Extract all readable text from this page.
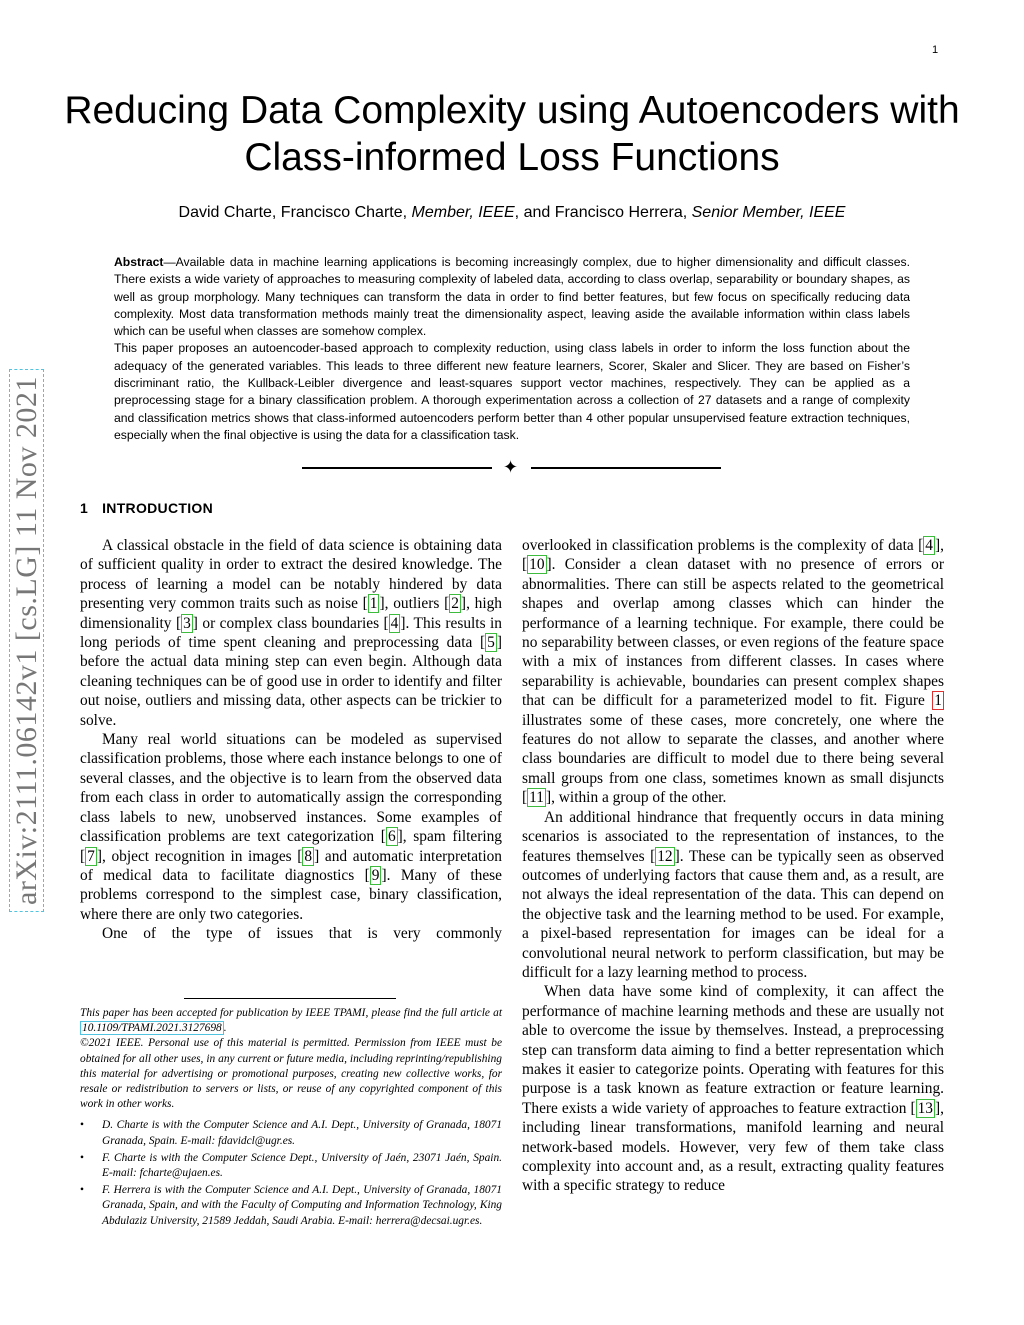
1
arXiv:2111.06142v1 [cs.LG] 11 Nov 2021
Reducing Data Complexity using Autoencoders with Class-informed Loss Functions
David Charte, Francisco Charte, Member, IEEE, and Francisco Herrera, Senior Member, IEEE

Abstract—Available data in machine learning applications is becoming increasingly complex, due to higher dimensionality and difficult classes. There exists a wide variety of approaches to measuring complexity of labeled data, according to class overlap, separability or boundary shapes, as well as group morphology. Many techniques can transform the data in order to find better features, but few focus on specifically reducing data complexity. Most data transformation methods mainly treat the dimensionality aspect, leaving aside the available information within class labels which can be useful when classes are somehow complex.

This paper proposes an autoencoder-based approach to complexity reduction, using class labels in order to inform the loss function about the adequacy of the generated variables. This leads to three different new feature learners, Scorer, Skaler and Slicer. They are based on Fisher’s discriminant ratio, the Kullback-Leibler divergence and least-squares support vector machines, respectively. They can be applied as a preprocessing stage for a binary classification problem. A thorough experimentation across a collection of 27 datasets and a range of complexity and classification metrics shows that class-informed autoencoders perform better than 4 other popular unsupervised feature extraction techniques, especially when the final objective is using the data for a classification task.

✦
1 INTRODUCTION

A classical obstacle in the field of data science is obtaining data of sufficient quality in order to extract the desired knowledge. The process of learning a model can be notably hindered by data presenting very common traits such as noise [ 1 ], outliers [ 2 ], high dimensionality [ 3 ] or complex class boundaries [ 4 ]. This results in long periods of time spent cleaning and preprocessing data [ 5 ] before the actual data mining step can even begin. Although data cleaning techniques can be of good use in order to identify and filter out noise, outliers and missing data, other aspects can be trickier to solve.

Many real world situations can be modeled as supervised classification problems, those where each instance belongs to one of several classes, and the objective is to learn from the observed data from each class in order to automatically assign the corresponding class labels to new, unobserved instances. Some examples of classification problems are text categorization [ 6 ], spam filtering [ 7 ], object recognition in images [ 8 ] and automatic interpretation of medical data to facilitate diagnostics [ 9 ]. Many of these problems correspond to the simplest case, binary classification, where there are only two categories.

One of the type of issues that is very commonly

overlooked in classification problems is the complexity of data [ 4 ], [ 10 ]. Consider a clean dataset with no presence of errors or abnormalities. There can still be aspects related to the geometrical shapes and overlap among classes which can hinder the performance of a learning technique. For example, there could be no separability between classes, or even regions of the feature space with a mix of instances from different classes. In cases where separability is achievable, boundaries can present complex shapes that can be difficult for a parameterized model to fit. Figure 1 illustrates some of these cases, more concretely, one where the features do not allow to separate the classes, and another where class boundaries are difficult to model due to there being several small groups from one class, sometimes known as small disjuncts [ 11 ], within a group of the other.

An additional hindrance that frequently occurs in data mining scenarios is associated to the representation of instances, to the features themselves [ 12 ]. These can be typically seen as observed outcomes of underlying factors that cause them and, as a result, are not always the ideal representation of the data. This can depend on the objective task and the learning method to be used. For example, a pixel-based representation for images can be ideal for a convolutional neural network to perform classification, but may be difficult for a lazy learning method to process.

When data have some kind of complexity, it can affect the performance of machine learning methods and these are usually not able to overcome the issue by themselves. Instead, a preprocessing step can transform data aiming to find a better representation which makes it easier to categorize points. Operating with features for this purpose is a task known as feature extraction or feature learning. There exists a wide variety of approaches to feature extraction [ 13 ], including linear transformations, manifold learning and neural network-based models. However, very few of them take class complexity into account and, as a result, extracting quality features with a specific strategy to reduce

This paper has been accepted for publication by IEEE TPAMI, please find the full article at 10.1109/TPAMI.2021.3127698 .

©2021 IEEE. Personal use of this material is permitted. Permission from IEEE must be obtained for all other uses, in any current or future media, including reprinting/republishing this material for advertising or promotional purposes, creating new collective works, for resale or redistribution to servers or lists, or reuse of any copyrighted component of this work in other works.

• D. Charte is with the Computer Science and A.I. Dept., University of Granada, 18071 Granada, Spain. E-mail: fdavidcl@ugr.es.
• F. Charte is with the Computer Science Dept., University of Jaén, 23071 Jaén, Spain. E-mail: fcharte@ujaen.es.
• F. Herrera is with the Computer Science and A.I. Dept., University of Granada, 18071 Granada, Spain, and with the Faculty of Computing and Information Technology, King Abdulaziz University, 21589 Jeddah, Saudi Arabia. E-mail: herrera@decsai.ugr.es.
